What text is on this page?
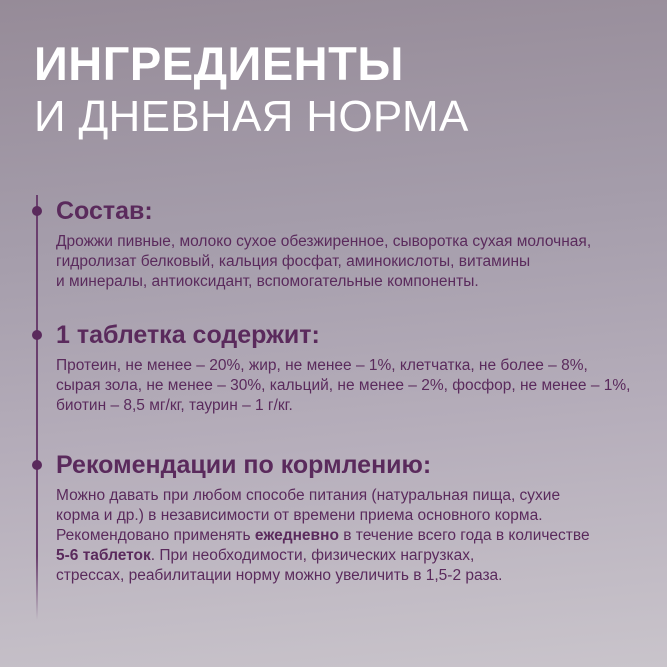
ИНГРЕДИЕНТЫ
И ДНЕВНАЯ НОРМА
Состав:
Дрожжи пивные, молоко сухое обезжиренное, сыворотка сухая молочная,
гидролизат белковый, кальция фосфат, аминокислоты, витамины
и минералы, антиоксидант, вспомогательные компоненты.
1 таблетка содержит:
Протеин, не менее – 20%, жир, не менее – 1%, клетчатка, не более – 8%,
сырая зола, не менее – 30%, кальций, не менее – 2%, фосфор, не менее – 1%,
биотин – 8,5 мг/кг, таурин – 1 г/кг.
Рекомендации по кормлению:
Можно давать при любом способе питания (натуральная пища, сухие
корма и др.) в независимости от времени приема основного корма.
Рекомендовано применять ежедневно в течение всего года в количестве
5-6 таблеток. При необходимости, физических нагрузках,
стрессах, реабилитации норму можно увеличить в 1,5-2 раза.
